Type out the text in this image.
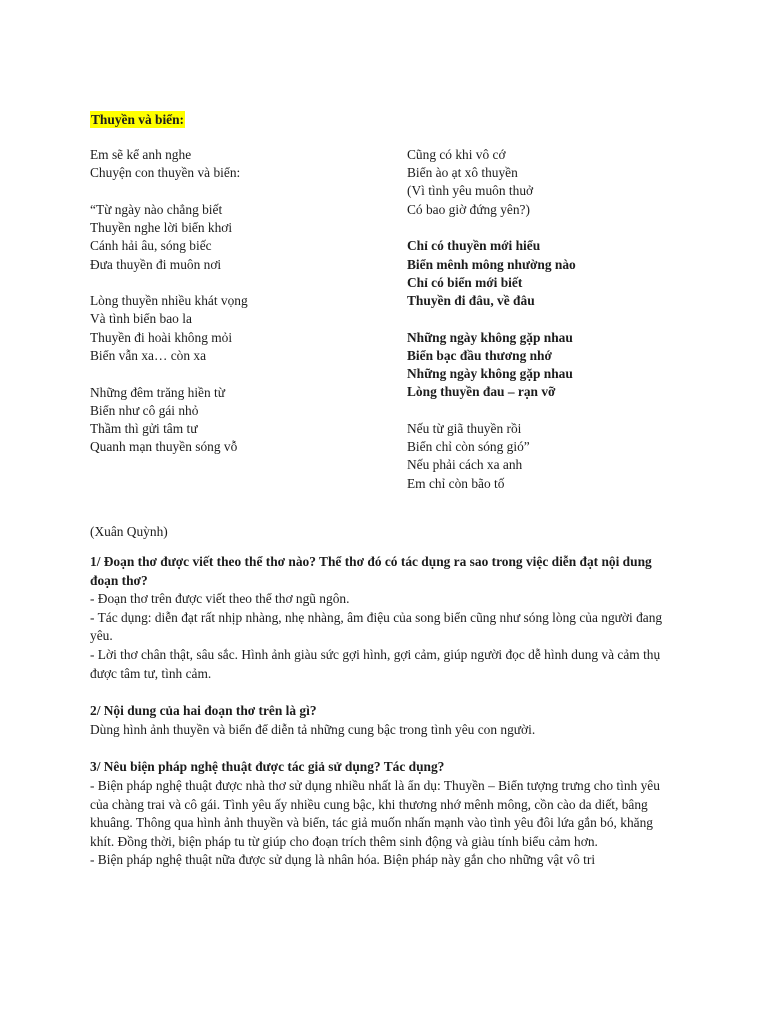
Thuyền và biển:
Em sẽ kể anh nghe
Chuyện con thuyền và biển:
“Từ ngày nào chẳng biết
Thuyền nghe lời biển khơi
Cánh hải âu, sóng biếc
Đưa thuyền đi muôn nơi
Lòng thuyền nhiều khát vọng
Và tình biển bao la
Thuyền đi hoài không mỏi
Biển vẫn xa… còn xa
Những đêm trăng hiền từ
Biển như cô gái nhỏ
Thầm thì gửi tâm tư
Quanh mạn thuyền sóng vỗ
Cũng có khi vô cớ
Biển ào ạt xô thuyền
(Vì tình yêu muôn thuở
Có bao giờ đứng yên?)
Chỉ có thuyền mới hiểu
Biển mênh mông nhường nào
Chỉ có biển mới biết
Thuyền đi đâu, về đâu
Những ngày không gặp nhau
Biển bạc đầu thương nhớ
Những ngày không gặp nhau
Lòng thuyền đau – rạn vỡ
Nếu từ giã thuyền rồi
Biển chỉ còn sóng gió”
Nếu phải cách xa anh
Em chỉ còn bão tố
(Xuân Quỳnh)
1/ Đoạn thơ được viết theo thể thơ nào? Thể thơ đó có tác dụng ra sao trong việc diễn đạt nội dung đoạn thơ?
- Đoạn thơ trên được viết theo thể thơ ngũ ngôn.
- Tác dụng: diễn đạt rất nhịp nhàng, nhẹ nhàng, âm điệu của song biển cũng như sóng lòng của người đang yêu.
- Lời thơ chân thật, sâu sắc. Hình ảnh giàu sức gợi hình, gợi cảm, giúp người đọc dễ hình dung và cảm thụ được tâm tư, tình cảm.
2/ Nội dung của hai đoạn thơ trên là gì?
Dùng hình ảnh thuyền và biển để diễn tả những cung bậc trong tình yêu con người.
3/ Nêu biện pháp nghệ thuật được tác giả sử dụng? Tác dụng?
- Biện pháp nghệ thuật được nhà thơ sử dụng nhiều nhất là ẩn dụ: Thuyền – Biển tượng trưng cho tình yêu của chàng trai và cô gái. Tình yêu ấy nhiều cung bậc, khi thương nhớ mênh mông, cồn cào da diết, bâng khuâng. Thông qua hình ảnh thuyền và biển, tác giả muốn nhấn mạnh vào tình yêu đôi lứa gắn bó, khăng khít. Đồng thời, biện pháp tu từ giúp cho đoạn trích thêm sinh động và giàu tính biểu cảm hơn.
- Biện pháp nghệ thuật nữa được sử dụng là nhân hóa. Biện pháp này gắn cho những vật vô tri
